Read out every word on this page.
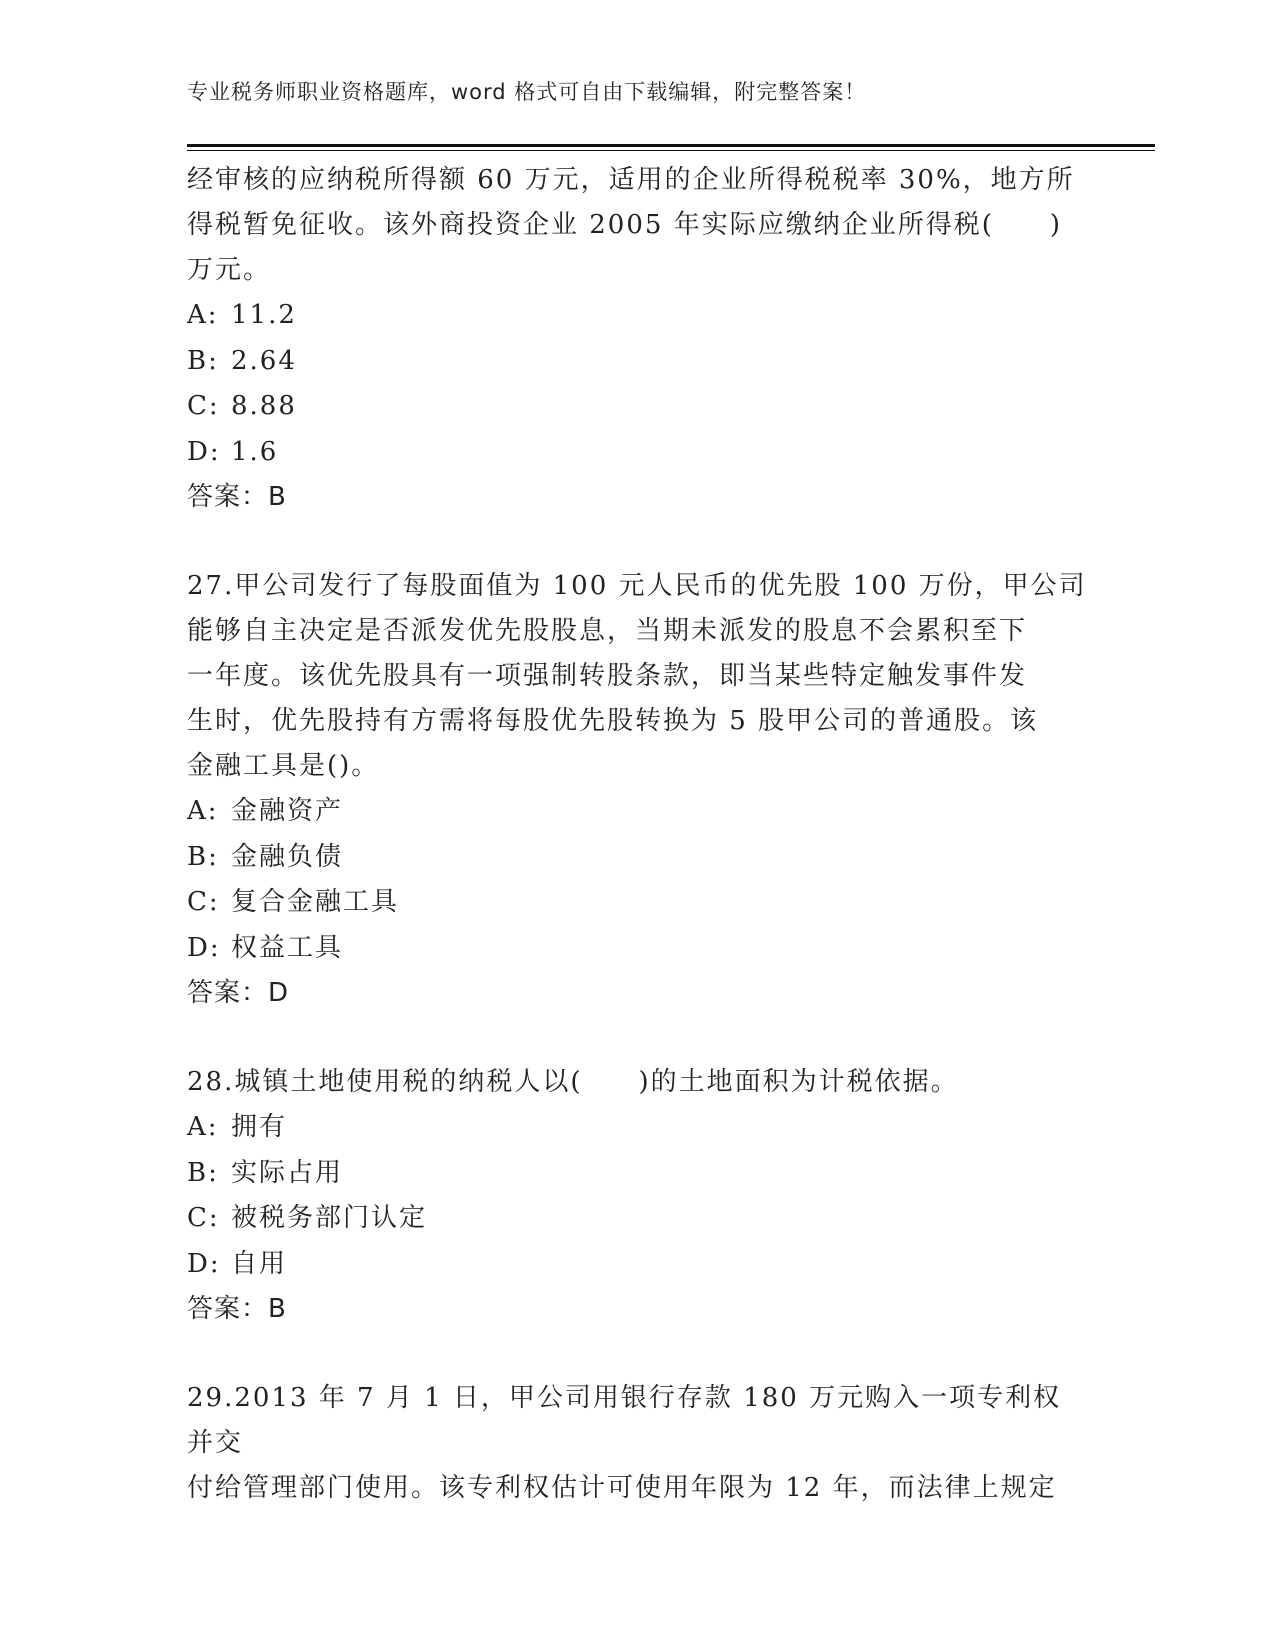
专业税务师职业资格题库，word 格式可自由下载编辑，附完整答案！

经审核的应纳税所得额 60 万元，适用的企业所得税税率 30%，地方所

得税暂免征收。该外商投资企业 2005 年实际应缴纳企业所得税(　　)

万元。

A: 11.2

B: 2.64

C: 8.88

D: 1.6

答案：B

27.甲公司发行了每股面值为 100 元人民币的优先股 100 万份，甲公司

能够自主决定是否派发优先股股息，当期未派发的股息不会累积至下

一年度。该优先股具有一项强制转股条款，即当某些特定触发事件发

生时，优先股持有方需将每股优先股转换为 5 股甲公司的普通股。该

金融工具是()。

A: 金融资产

B: 金融负债

C: 复合金融工具

D: 权益工具

答案：D

28.城镇土地使用税的纳税人以(　　)的土地面积为计税依据。

A: 拥有

B: 实际占用

C: 被税务部门认定

D: 自用

答案：B

29.2013 年 7 月 1 日，甲公司用银行存款 180 万元购入一项专利权并交

付给管理部门使用。该专利权估计可使用年限为 12 年，而法律上规定
